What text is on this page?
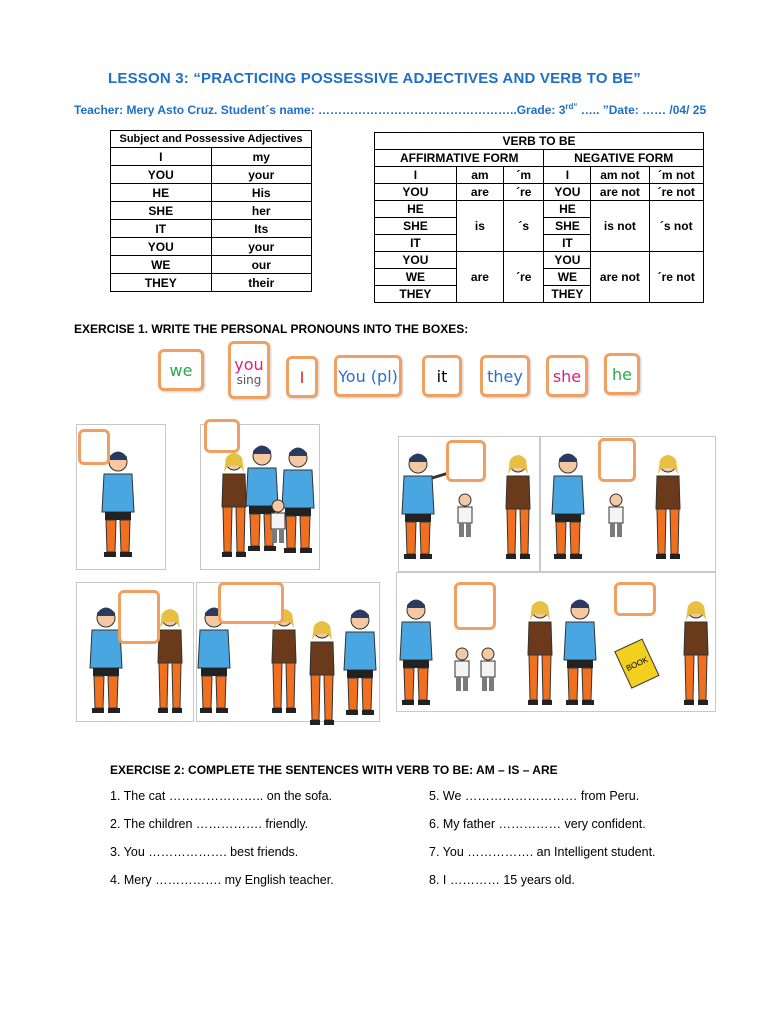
LESSON 3: “PRACTICING POSSESSIVE ADJECTIVES AND VERB TO BE”
Teacher: Mery Asto Cruz. Student´s name: …………………………………………..Grade: $3^{rd“}$ ….. ”Date: …… /04/ 25
Subject and Possessive Adjectives	
I	my
YOU	your
HE	His
SHE	her
IT	Its
YOU	your
WE	our
THEY	their
VERB TO BE					
AFFIRMATIVE FORM			NEGATIVE FORM		
I	am	´m	I	am not	´m not
YOU	are	´re	YOU	are not	´re not
HE	is	´s	HE	is not	´s not
SHE			SHE		
IT			IT		
YOU	are	´re	YOU	are not	´re not
WE			WE		
THEY			THEY		
EXERCISE 1. WRITE THE PERSONAL PRONOUNS INTO THE BOXES:
we	you
sing I You (pl) it they she he
BOOK
EXERCISE 2: COMPLETE THE SENTENCES WITH VERB TO BE: AM – IS – ARE
1. The cat ………………….. on the sofa.
2. The children ……………. friendly.
3. You ………………. best friends.
4. Mery ……………. my English teacher.
5. We ……………………… from Peru.
6. My father …………… very confident.
7. You ……………. an Intelligent student.
8. I ………… 15 years old.
